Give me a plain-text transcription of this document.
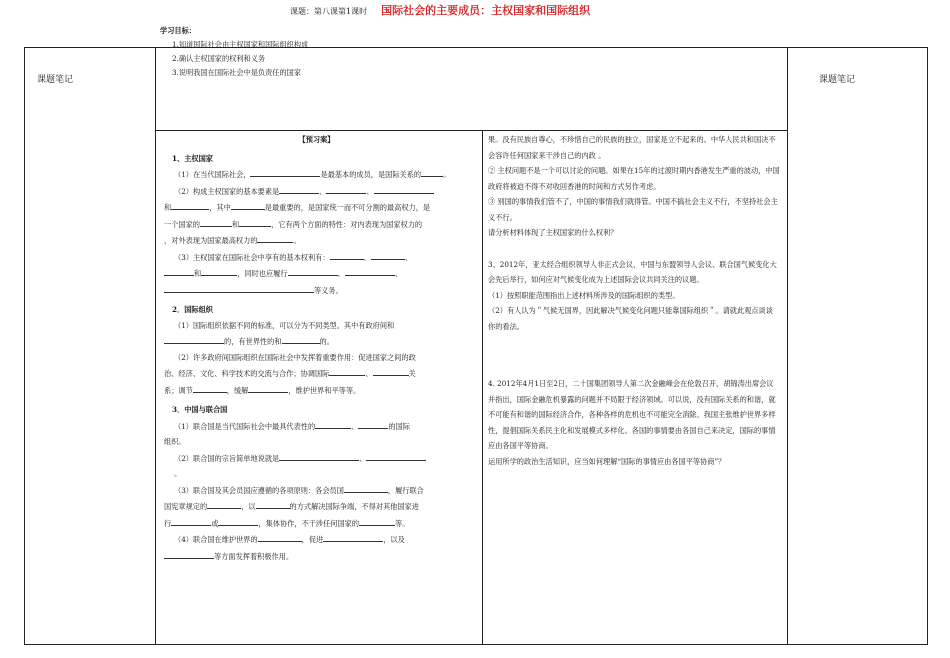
课题笔记	课题笔记
课题：第八课第1课时 国际社会的主要成员：主权国家和国际组织
学习目标：
1.知道国际社会由主权国家和国际组织构成
2.确认主权国家的权利和义务
3.说明我国在国际社会中是负责任的国家
【预习案】
1、主权国家
（1）在当代国际社会，	是最基本的成员，是国际关系的	。
（2）构成主权国家的基本要素是	、	、
和	，其中	是最重要的，是国家统一而不可分割的最高权力，是
一个国家的	和	，它有两个方面的特性：对内表现为国家权力的
，对外表现为国家最高权力的	。
（3）主权国家在国际社会中享有的基本权利有：	、	、
和	，同时也应履行	、	、
等义务。
2．国际组织
（1）国际组织依据不同的标准，可以分为不同类型。其中有政府间和
的，有世界性的和	的。
（2）许多政府间国际组织在国际社会中发挥着重要作用：促进国家之间的政
治、经济、文化、科学技术的交流与合作；协调国际	、	关
系；调节	，缓解	，维护世界和平等等。
3．中国与联合国
（1）联合国是当代国际社会中最具代表性的	、	的国际
组织。
（2）联合国的宗旨简单地说就是	、
。
（3）联合国及其会员国应遵循的各项原则：各会员国	，履行联合
国宪章规定的	，以	的方式解决国际争端，不得对其他国家进
行	或	，集体协作，不干涉任何国家的	等。
（4）联合国在维护世界的	，促进	，以及
等方面发挥着积极作用。
果。没有民族自尊心，不珍惜自己的民族的独立，国家是立不起来的。中华人民共和国决不会容许任何国家来干涉自己的内政 。
② 主权问题不是一个可以讨论的问题。如果在15年的过渡时期内香港发生严重的波动，中国政府将被迫不得不对收回香港的时间和方式另作考虑。
③ 别国的事情我们管不了，中国的事情我们就得管。中国不搞社会主义不行，不坚持社会主义不行。
请分析材料体现了主权国家的什么权利？
3、2012年，亚太经合组织领导人非正式会议、中国与东盟领导人会议、联合国气候变化大会先后举行，如何应对气候变化成为上述国际会议共同关注的议题。
（1）按照职能范围指出上述材料所涉及的国际组织的类型。
（2）有人认为＂气候无国界，因此解决气候变化问题只能靠国际组织＂。请就此观点谈谈你的看法。
4. 2012年4月1日至2日，二十国集团领导人第二次金融峰会在伦敦召开，胡锦涛出席会议并指出，国际金融危机暴露的问题并不局限于经济领域。可以说，没有国际关系的和谐，就不可能有和谐的国际经济合作，各种各样的危机也不可能完全消除。我国主张维护世界多样性，提倡国际关系民主化和发展模式多样化。各国的事情要由各国自己来决定，国际的事情应由各国平等协商。
运用所学的政治生活知识，应当如何理解“国际的事情应由各国平等协商”？
